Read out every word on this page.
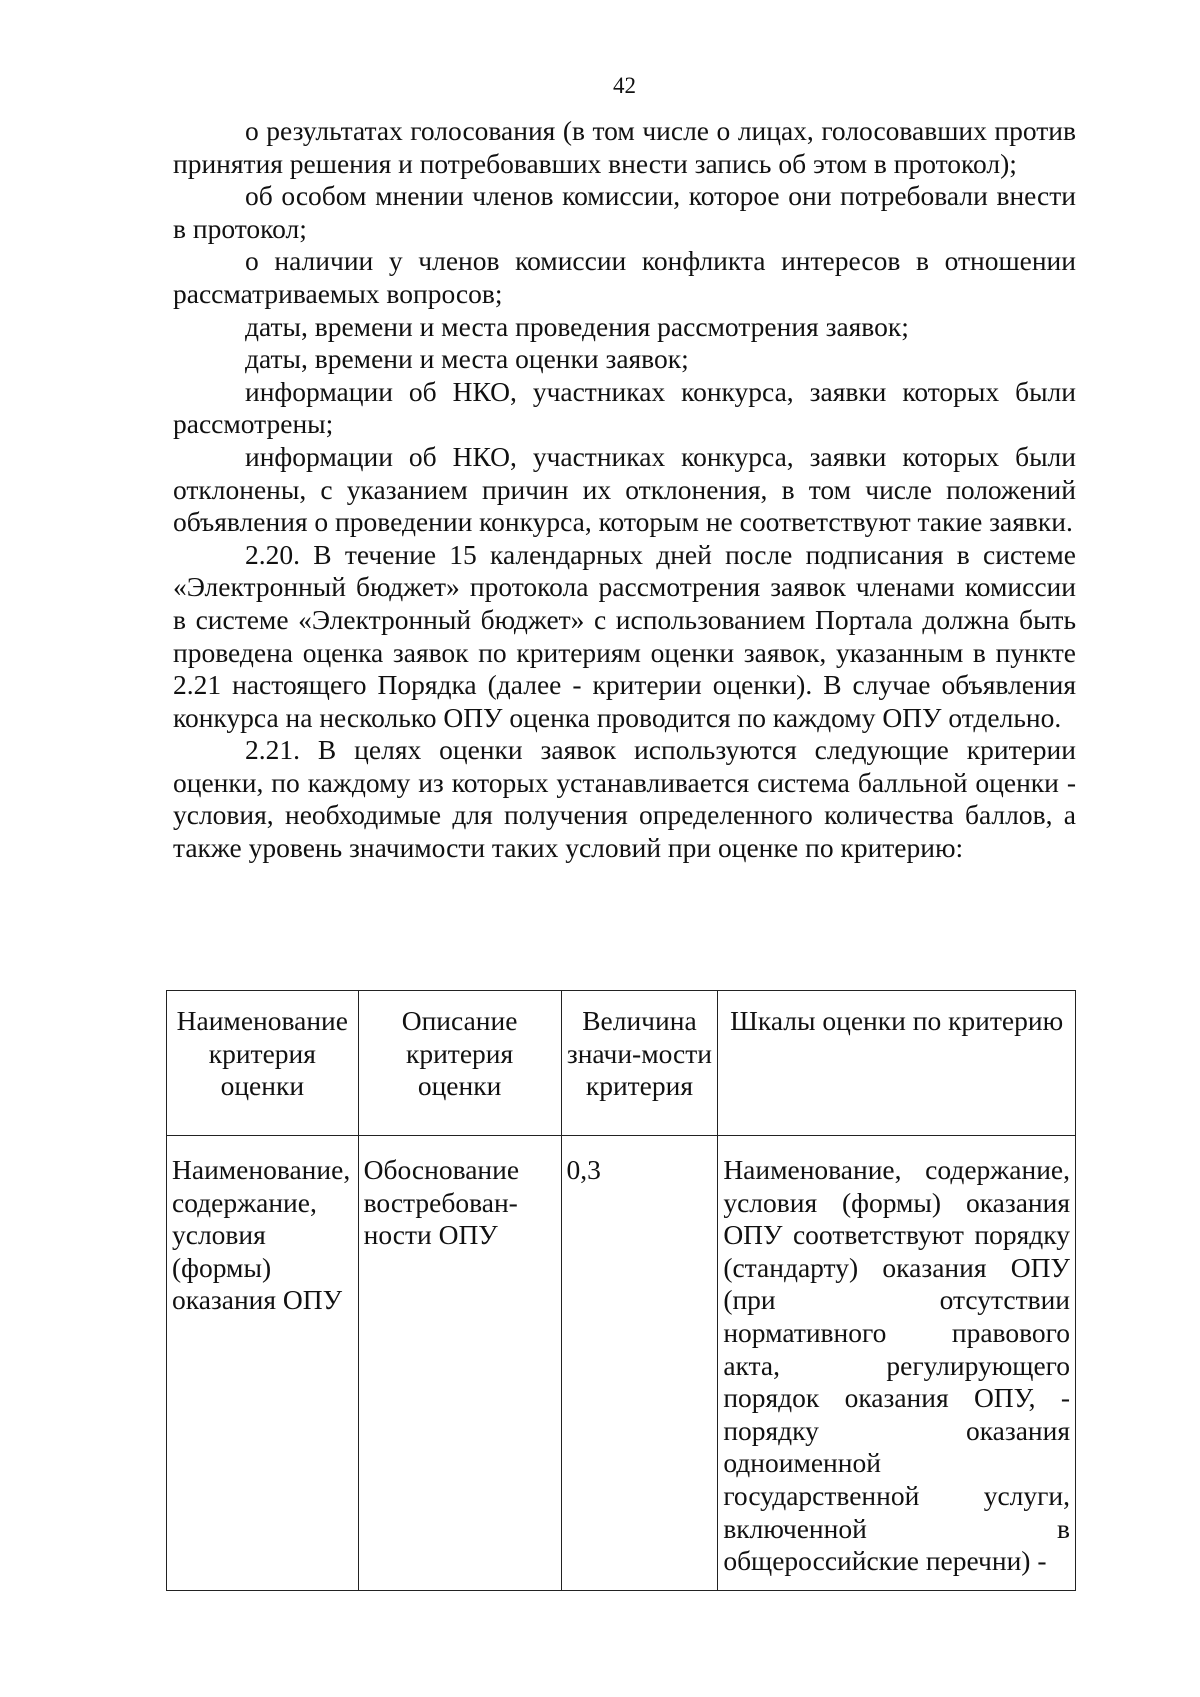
42

о результатах голосования (в том числе о лицах, голосовавших против принятия решения и потребовавших внести запись об этом в протокол);

об особом мнении членов комиссии, которое они потребовали внести в протокол;

о наличии у членов комиссии конфликта интересов в отношении рассматриваемых вопросов;

даты, времени и места проведения рассмотрения заявок;

даты, времени и места оценки заявок;

информации об НКО, участниках конкурса, заявки которых были рассмотрены;

информации об НКО, участниках конкурса, заявки которых были отклонены, с указанием причин их отклонения, в том числе положений объявления о проведении конкурса, которым не соответствуют такие заявки.

2.20. В течение 15 календарных дней после подписания в системе «Электронный бюджет» протокола рассмотрения заявок членами комиссии в системе «Электронный бюджет» с использованием Портала должна быть проведена оценка заявок по критериям оценки заявок, указанным в пункте 2.21 настоящего Порядка (далее - критерии оценки). В случае объявления конкурса на несколько ОПУ оценка проводится по каждому ОПУ отдельно.

2.21. В целях оценки заявок используются следующие критерии оценки, по каждому из которых устанавливается система балльной оценки - условия, необходимые для получения определенного количества баллов, а также уровень значимости таких условий при оценке по критерию:

Наименование критерия оценки	Описание критерия оценки	Величина значи-мости критерия	Шкалы оценки по критерию
Наименование, содержание, условия (формы) оказания ОПУ	Обоснование востребован-ности ОПУ	0,3	Наименование, содержание, условия (формы) оказания ОПУ соответствуют порядку (стандарту) оказания ОПУ (при отсутствии нормативного правового акта, регулирующего порядок оказания ОПУ, - порядку оказания одноименной государственной услуги, включенной в общероссийские перечни) -
